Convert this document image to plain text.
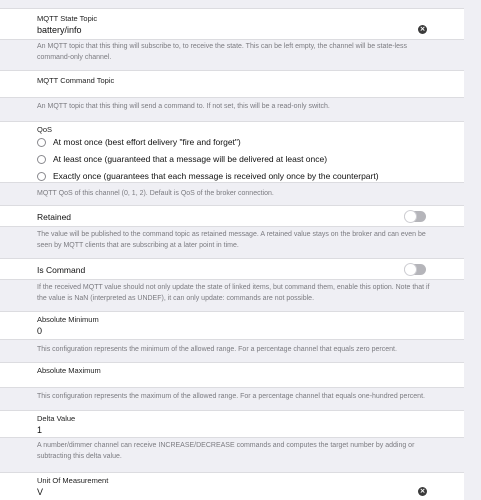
MQTT State Topic
battery/info	×
An MQTT topic that this thing will subscribe to, to receive the state. This can be left empty, the channel will be state-less command-only channel.
MQTT Command Topic
An MQTT topic that this thing will send a command to. If not set, this will be a read-only switch.
QoS
At most once (best effort delivery "fire and forget")
At least once (guaranteed that a message will be delivered at least once)
Exactly once (guarantees that each message is received only once by the counterpart)
MQTT QoS of this channel (0, 1, 2). Default is QoS of the broker connection.
Retained
The value will be published to the command topic as retained message. A retained value stays on the broker and can even be seen by MQTT clients that are subscribing at a later point in time.
Is Command
If the received MQTT value should not only update the state of linked items, but command them, enable this option. Note that if the value is NaN (interpreted as UNDEF), it can only update: commands are not possible.
Absolute Minimum
0
This configuration represents the minimum of the allowed range. For a percentage channel that equals zero percent.
Absolute Maximum
This configuration represents the maximum of the allowed range. For a percentage channel that equals one-hundred percent.
Delta Value
1
A number/dimmer channel can receive INCREASE/DECREASE commands and computes the target number by adding or subtracting this delta value.
Unit Of Measurement
V	×
